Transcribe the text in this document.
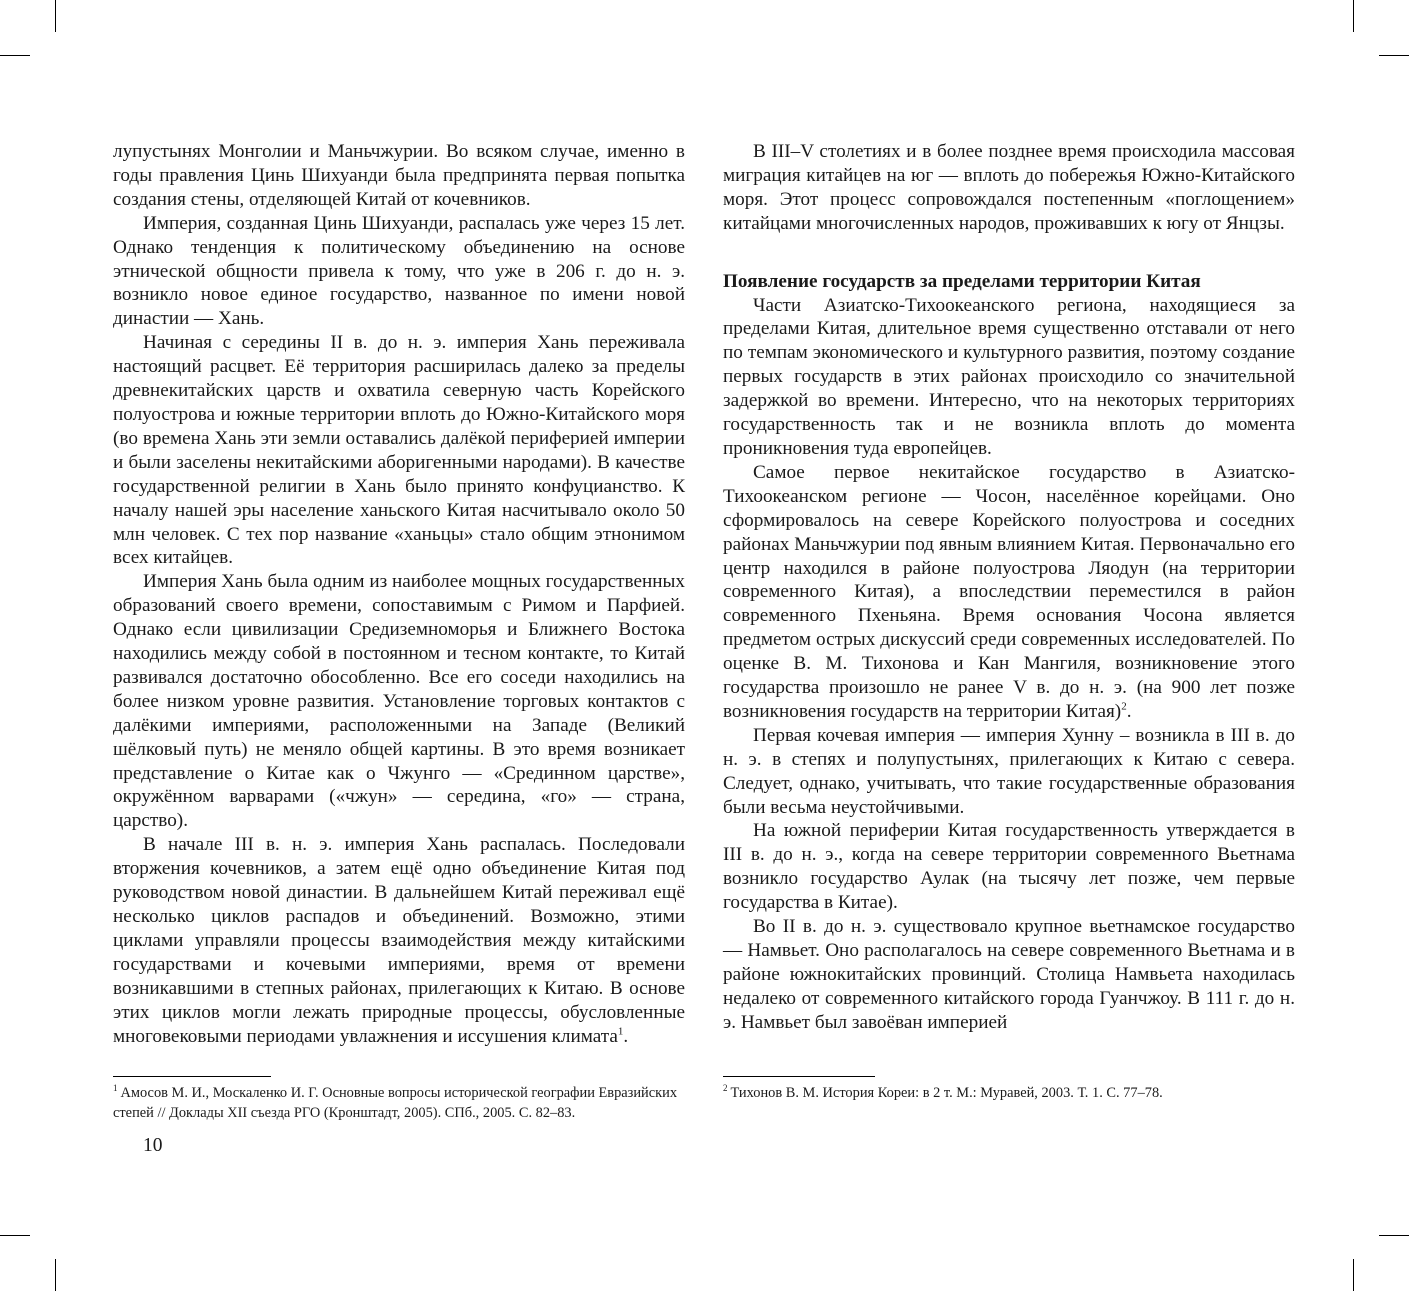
лупустынях Монголии и Маньчжурии. Во всяком случае, именно в годы правления Цинь Шихуанди была предпринята первая попытка создания стены, отделяющей Китай от кочевников.

Империя, созданная Цинь Шихуанди, распалась уже через 15 лет. Однако тенденция к политическому объединению на основе этнической общности привела к тому, что уже в 206 г. до н. э. возникло новое единое государство, названное по имени новой династии — Хань.

Начиная с середины II в. до н. э. империя Хань переживала настоящий расцвет. Её территория расширилась далеко за пределы древнекитайских царств и охватила северную часть Корейского полуострова и южные территории вплоть до Южно-Китайского моря (во времена Хань эти земли оставались далёкой периферией империи и были заселены некитайскими аборигенными народами). В качестве государственной религии в Хань было принято конфуцианство. К началу нашей эры население ханьского Китая насчитывало около 50 млн человек. С тех пор название «ханьцы» стало общим этнонимом всех китайцев.

Империя Хань была одним из наиболее мощных государственных образований своего времени, сопоставимым с Римом и Парфией. Однако если цивилизации Средиземноморья и Ближнего Востока находились между собой в постоянном и тесном контакте, то Китай развивался достаточно обособленно. Все его соседи находились на более низком уровне развития. Установление торговых контактов с далёкими империями, расположенными на Западе (Великий шёлковый путь) не меняло общей картины. В это время возникает представление о Китае как о Чжунго — «Срединном царстве», окружённом варварами («чжун» — середина, «го» — страна, царство).

В начале III в. н. э. империя Хань распалась. Последовали вторжения кочевников, а затем ещё одно объединение Китая под руководством новой династии. В дальнейшем Китай переживал ещё несколько циклов распадов и объединений. Возможно, этими циклами управляли процессы взаимодействия между китайскими государствами и кочевыми империями, время от времени возникавшими в степных районах, прилегающих к Китаю. В основе этих циклов могли лежать природные процессы, обусловленные многовековыми периодами увлажнения и иссушения климата$^1$.

$^1$ Амосов М. И., Москаленко И. Г. Основные вопросы исторической географии Евразийских степей // Доклады XII съезда РГО (Кронштадт, 2005). СПб., 2005. С. 82–83.

10

В III–V столетиях и в более позднее время происходила массовая миграция китайцев на юг — вплоть до побережья Южно-Китайского моря. Этот процесс сопровождался постепенным «поглощением» китайцами многочисленных народов, проживавших к югу от Янцзы.

Появление государств за пределами территории Китая

Части Азиатско-Тихоокеанского региона, находящиеся за пределами Китая, длительное время существенно отставали от него по темпам экономического и культурного развития, поэтому создание первых государств в этих районах происходило со значительной задержкой во времени. Интересно, что на некоторых территориях государственность так и не возникла вплоть до момента проникновения туда европейцев.

Самое первое некитайское государство в Азиатско-Тихоокеанском регионе — Чосон, населённое корейцами. Оно сформировалось на севере Корейского полуострова и соседних районах Маньчжурии под явным влиянием Китая. Первоначально его центр находился в районе полуострова Ляодун (на территории современного Китая), а впоследствии переместился в район современного Пхеньяна. Время основания Чосона является предметом острых дискуссий среди современных исследователей. По оценке В. М. Тихонова и Кан Мангиля, возникновение этого государства произошло не ранее V в. до н. э. (на 900 лет позже возникновения государств на территории Китая)$^2$.

Первая кочевая империя — империя Хунну – возникла в III в. до н. э. в степях и полупустынях, прилегающих к Китаю с севера. Следует, однако, учитывать, что такие государственные образования были весьма неустойчивыми.

На южной периферии Китая государственность утверждается в III в. до н. э., когда на севере территории современного Вьетнама возникло государство Аулак (на тысячу лет позже, чем первые государства в Китае).

Во II в. до н. э. существовало крупное вьетнамское государство — Намвьет. Оно располагалось на севере современного Вьетнама и в районе южнокитайских провинций. Столица Намвьета находилась недалеко от современного китайского города Гуанчжоу. В 111 г. до н. э. Намвьет был завоёван империей

$^2$ Тихонов В. М. История Кореи: в 2 т. М.: Муравей, 2003. Т. 1. С. 77–78.
